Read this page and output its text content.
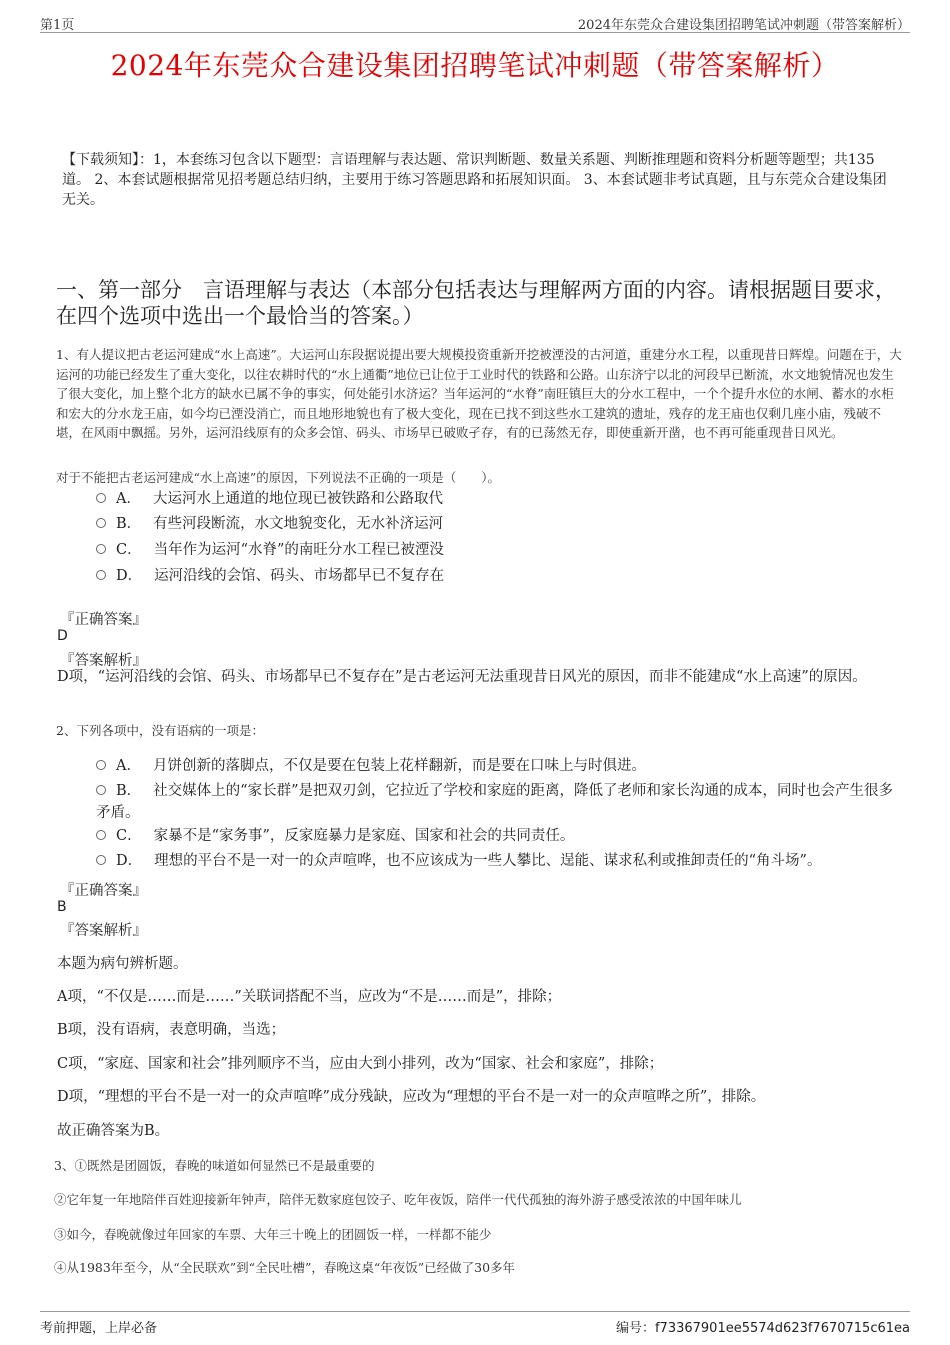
第1页	2024年东莞众合建设集团招聘笔试冲刺题（带答案解析）
2024年东莞众合建设集团招聘笔试冲刺题（带答案解析）
【下载须知】：1，本套练习包含以下题型：言语理解与表达题、常识判断题、数量关系题、判断推理题和资料分析题等题型；共135道。 2、本套试题根据常见招考题总结归纳，主要用于练习答题思路和拓展知识面。 3、本套试题非考试真题，且与东莞众合建设集团无关。
一、第一部分　言语理解与表达（本部分包括表达与理解两方面的内容。请根据题目要求，在四个选项中选出一个最恰当的答案。）
1、有人提议把古老运河建成“水上高速”。大运河山东段据说提出要大规模投资重新开挖被湮没的古河道，重建分水工程，以重现昔日辉煌。问题在于，大运河的功能已经发生了重大变化，以往农耕时代的“水上通衢”地位已让位于工业时代的铁路和公路。山东济宁以北的河段早已断流，水文地貌情况也发生了很大变化，加上整个北方的缺水已属不争的事实，何处能引水济运？当年运河的“水脊”南旺镇巨大的分水工程中，一个个提升水位的水闸、蓄水的水柜和宏大的分水龙王庙，如今均已湮没消亡，而且地形地貌也有了极大变化，现在已找不到这些水工建筑的遗址，残存的龙王庙也仅剩几座小庙，残破不堪，在风雨中飘摇。另外，运河沿线原有的众多会馆、码头、市场早已破败孑存，有的已荡然无存，即使重新开凿，也不再可能重现昔日风光。
对于不能把古老运河建成“水上高速”的原因，下列说法不正确的一项是（　　）。
A． 大运河水上通道的地位现已被铁路和公路取代
B． 有些河段断流，水文地貌变化，无水补济运河
C． 当年作为运河“水脊”的南旺分水工程已被湮没
D． 运河沿线的会馆、码头、市场都早已不复存在
『正确答案』
D
『答案解析』
D项，“运河沿线的会馆、码头、市场都早已不复存在”是古老运河无法重现昔日风光的原因，而非不能建成“水上高速”的原因。
2、下列各项中，没有语病的一项是：
A． 月饼创新的落脚点，不仅是要在包装上花样翻新，而是要在口味上与时俱进。
B． 社交媒体上的“家长群”是把双刃剑，它拉近了学校和家庭的距离，降低了老师和家长沟通的成本，同时也会产生很多矛盾。
C． 家暴不是“家务事”，反家庭暴力是家庭、国家和社会的共同责任。
D． 理想的平台不是一对一的众声喧哗，也不应该成为一些人攀比、逞能、谋求私利或推卸责任的“角斗场”。
『正确答案』
B
『答案解析』
本题为病句辨析题。
A项，“不仅是……而是……”关联词搭配不当，应改为“不是……而是”，排除；
B项，没有语病，表意明确，当选；
C项，“家庭、国家和社会”排列顺序不当，应由大到小排列，改为“国家、社会和家庭”，排除；
D项，“理想的平台不是一对一的众声喧哗”成分残缺，应改为“理想的平台不是一对一的众声喧哗之所”，排除。
故正确答案为B。
3、①既然是团圆饭，春晚的味道如何显然已不是最重要的
②它年复一年地陪伴百姓迎接新年钟声，陪伴无数家庭包饺子、吃年夜饭，陪伴一代代孤独的海外游子感受浓浓的中国年味儿
③如今，春晚就像过年回家的车票、大年三十晚上的团圆饭一样，一样都不能少
④从1983年至今，从“全民联欢”到“全民吐槽”，春晚这桌“年夜饭”已经做了30多年
考前押题，上岸必备	编号：f73367901ee5574d623f7670715c61ea
